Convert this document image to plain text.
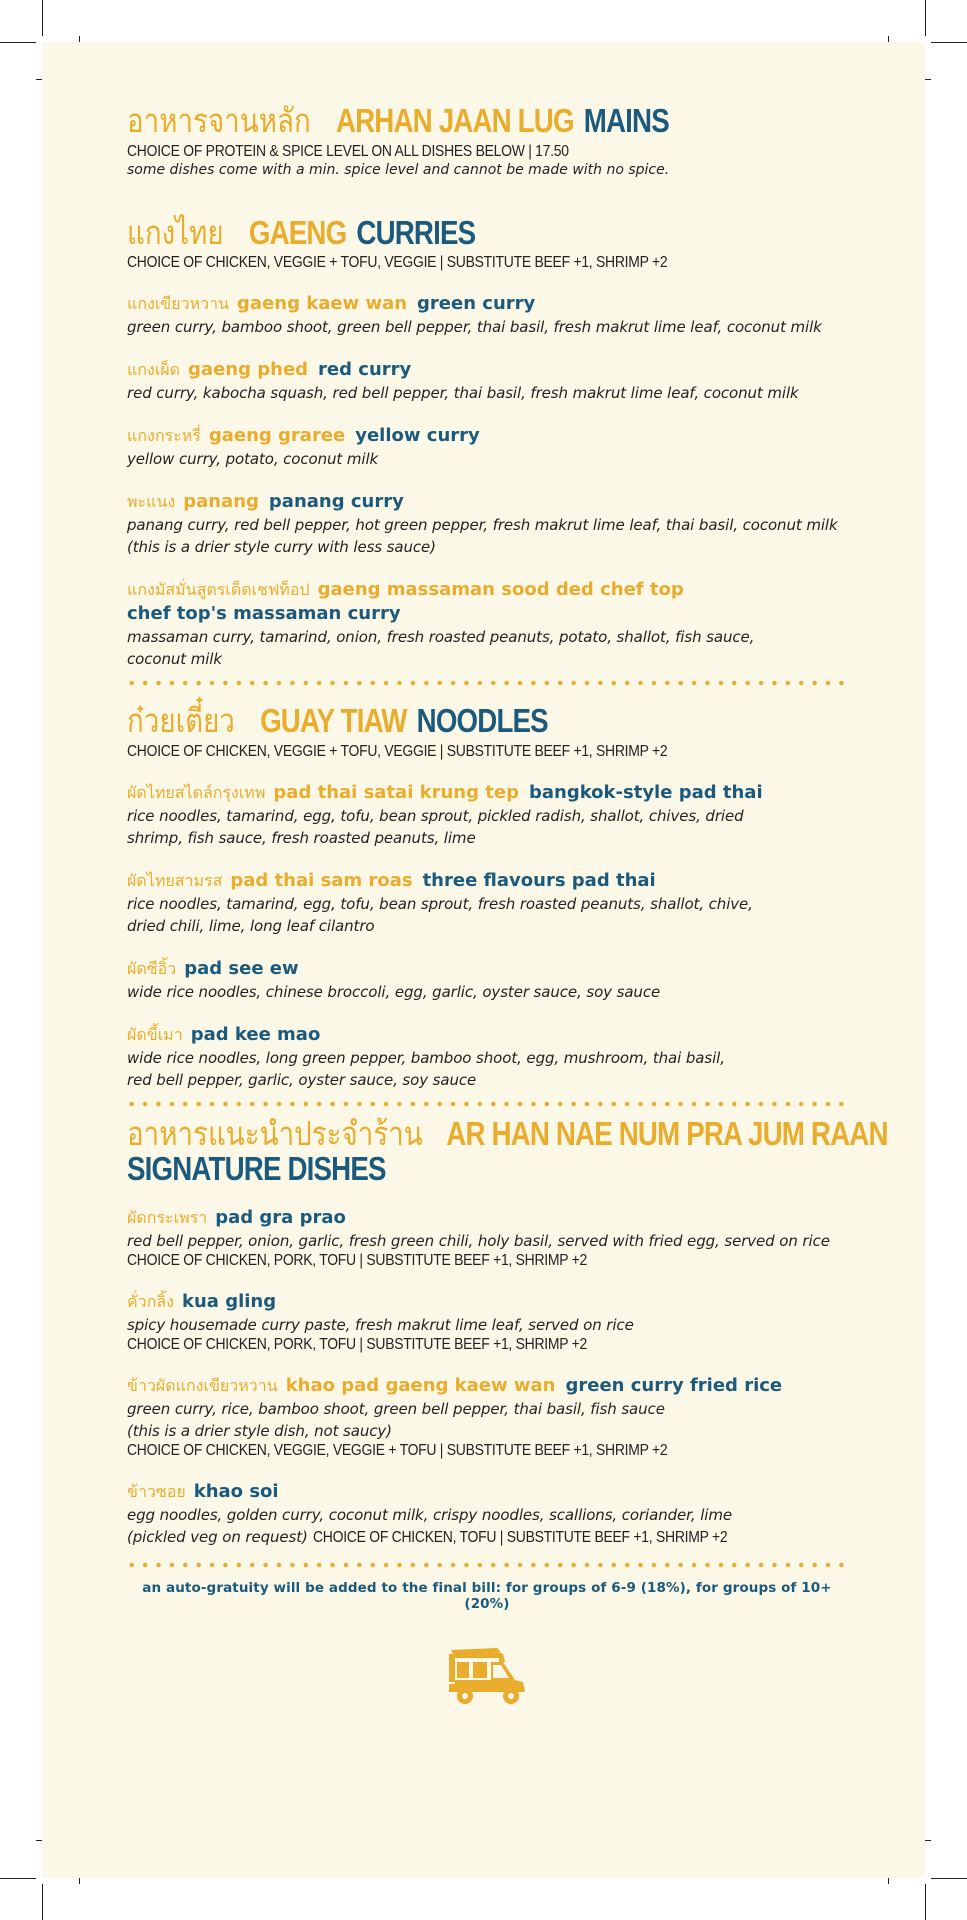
อาหารจานหลัก ARHAN JAAN LUG MAINS
CHOICE OF PROTEIN & SPICE LEVEL ON ALL DISHES BELOW | 17.50
some dishes come with a min. spice level and cannot be made with no spice.
แกงไทย GAENG CURRIES
CHOICE OF CHICKEN, VEGGIE + TOFU, VEGGIE | SUBSTITUTE BEEF +1, SHRIMP +2
แกงเขียวหวาน gaeng kaew wan green curry
green curry, bamboo shoot, green bell pepper, thai basil, fresh makrut lime leaf, coconut milk
แกงเผ็ด gaeng phed red curry
red curry, kabocha squash, red bell pepper, thai basil, fresh makrut lime leaf, coconut milk
แกงกระหรี่ gaeng graree yellow curry
yellow curry, potato, coconut milk
พะแนง panang panang curry
panang curry, red bell pepper, hot green pepper, fresh makrut lime leaf, thai basil, coconut milk
(this is a drier style curry with less sauce)
แกงมัสมั่นสูตรเด็ดเชฟท็อป gaeng massaman sood ded chef top
chef top's massaman curry
massaman curry, tamarind, onion, fresh roasted peanuts, potato, shallot, fish sauce,
coconut milk
ก๋วยเตี๋ยว GUAY TIAW NOODLES
CHOICE OF CHICKEN, VEGGIE + TOFU, VEGGIE | SUBSTITUTE BEEF +1, SHRIMP +2
ผัดไทยสไตล์กรุงเทพ pad thai satai krung tep bangkok-style pad thai
rice noodles, tamarind, egg, tofu, bean sprout, pickled radish, shallot, chives, dried
shrimp, fish sauce, fresh roasted peanuts, lime
ผัดไทยสามรส pad thai sam roas three flavours pad thai
rice noodles, tamarind, egg, tofu, bean sprout, fresh roasted peanuts, shallot, chive,
dried chili, lime, long leaf cilantro
ผัดซีอิ้ว pad see ew
wide rice noodles, chinese broccoli, egg, garlic, oyster sauce, soy sauce
ผัดขี้เมา pad kee mao
wide rice noodles, long green pepper, bamboo shoot, egg, mushroom, thai basil,
red bell pepper, garlic, oyster sauce, soy sauce
อาหารแนะนำประจำร้าน AR HAN NAE NUM PRA JUM RAAN
SIGNATURE DISHES
ผัดกระเพรา pad gra prao
red bell pepper, onion, garlic, fresh green chili, holy basil, served with fried egg, served on rice
CHOICE OF CHICKEN, PORK, TOFU | SUBSTITUTE BEEF +1, SHRIMP +2
คั่วกลิ้ง kua gling
spicy housemade curry paste, fresh makrut lime leaf, served on rice
CHOICE OF CHICKEN, PORK, TOFU | SUBSTITUTE BEEF +1, SHRIMP +2
ข้าวผัดแกงเขียวหวาน khao pad gaeng kaew wan green curry fried rice
green curry, rice, bamboo shoot, green bell pepper, thai basil, fish sauce
(this is a drier style dish, not saucy)
CHOICE OF CHICKEN, VEGGIE, VEGGIE + TOFU | SUBSTITUTE BEEF +1, SHRIMP +2
ข้าวซอย khao soi
egg noodles, golden curry, coconut milk, crispy noodles, scallions, coriander, lime
(pickled veg on request) CHOICE OF CHICKEN, TOFU | SUBSTITUTE BEEF +1, SHRIMP +2
an auto-gratuity will be added to the final bill: for groups of 6-9 (18%), for groups of 10+ (20%)
